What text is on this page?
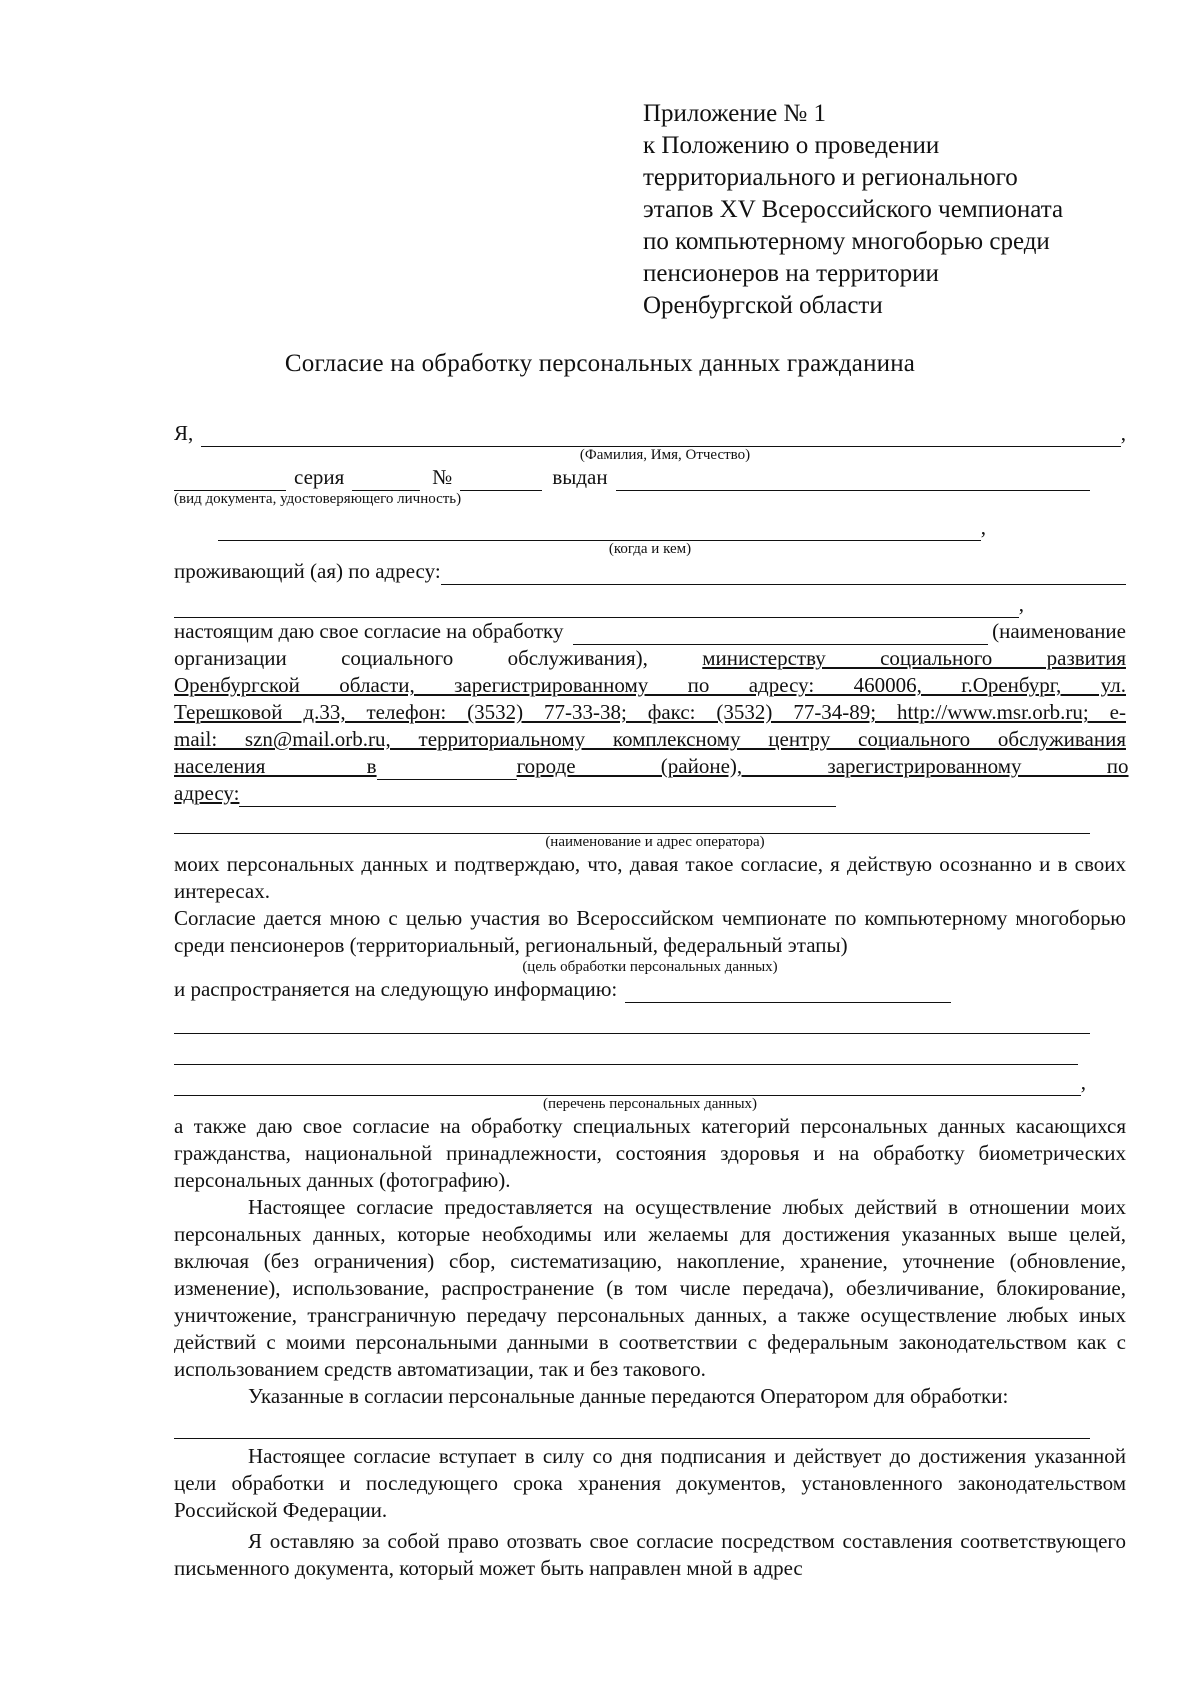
Приложение № 1
к Положению о проведении
территориального и регионального
этапов XV Всероссийского чемпионата
по компьютерному многоборью среди
пенсионеров на территории
Оренбургской области
Согласие на обработку персональных данных гражданина
Я,	,
(Фамилия, Имя, Отчество)
серия	№	выдан
(вид документа, удостоверяющего личность)
,
(когда и кем)
проживающий (ая) по адресу:
,
настоящим даю свое согласие на обработку	(наименование
организации социального обслуживания),	министерству социального развития
Оренбургской области, зарегистрированному по адресу: 460006, г.Оренбург, ул.
Терешковой д.33, телефон: (3532) 77-33-38; факс: (3532) 77-34-89; http://www.msr.orb.ru; e-
mail: szn@mail.orb.ru, территориальному комплексному центру социального обслуживания
населения в	городе (районе), зарегистрированному по
адресу:
(наименование и адрес оператора)

моих персональных данных и подтверждаю, что, давая такое согласие, я действую осознанно и в своих интересах.

Согласие дается мною с целью участия во Всероссийском чемпионате по компьютерному многоборью среди пенсионеров (территориальный, региональный, федеральный этапы)

(цель обработки персональных данных)
и распространяется на следующую информацию:
,
(перечень персональных данных)

а также даю свое согласие на обработку специальных категорий персональных данных касающихся гражданства, национальной принадлежности, состояния здоровья и на обработку биометрических персональных данных (фотографию).

Настоящее согласие предоставляется на осуществление любых действий в отношении моих персональных данных, которые необходимы или желаемы для достижения указанных выше целей, включая (без ограничения) сбор, систематизацию, накопление, хранение, уточнение (обновление, изменение), использование, распространение (в том числе передача), обезличивание, блокирование, уничтожение, трансграничную передачу персональных данных, а также осуществление любых иных действий с моими персональными данными в соответствии с федеральным законодательством как с использованием средств автоматизации, так и без такового.

Указанные в согласии персональные данные передаются Оператором для обработки:

Настоящее согласие вступает в силу со дня подписания и действует до достижения указанной цели обработки и последующего срока хранения документов, установленного законодательством Российской Федерации.

Я оставляю за собой право отозвать свое согласие посредством составления соответствующего письменного документа, который может быть направлен мной в адрес
